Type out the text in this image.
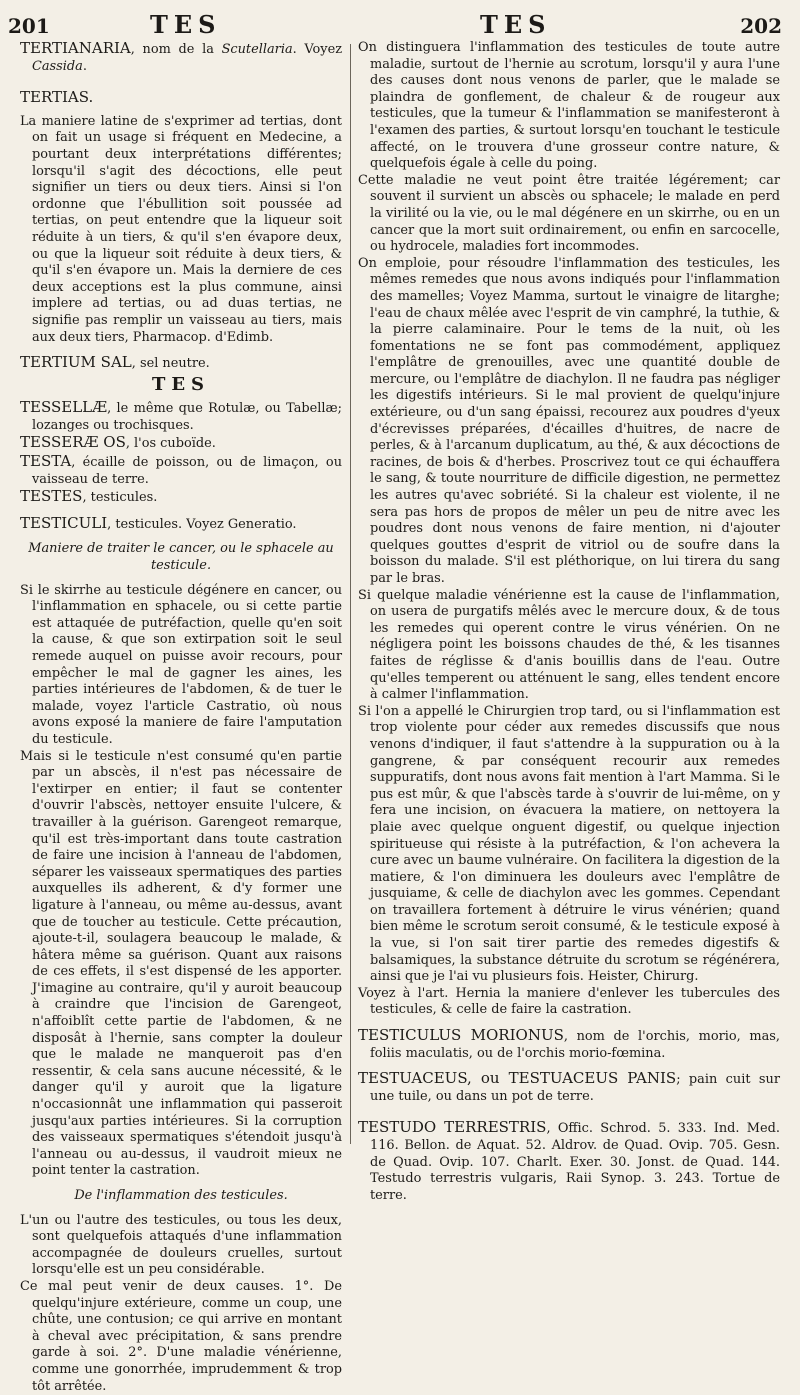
201	TES	TES	202

TERTIANARIA, nom de la Scutellaria. Voyez Cassida.

TERTIAS.

La maniere latine de s'exprimer ad tertias, dont on fait un usage si fréquent en Medecine, a pourtant deux interprétations différentes; lorsqu'il s'agit des décoctions, elle peut signifier un tiers ou deux tiers. Ainsi si l'on ordonne que l'ébullition soit poussée ad tertias, on peut entendre que la liqueur soit réduite à un tiers, & qu'il s'en évapore deux, ou que la liqueur soit réduite à deux tiers, & qu'il s'en évapore un. Mais la derniere de ces deux acceptions est la plus commune, ainsi implere ad tertias, ou ad duas tertias, ne signifie pas remplir un vaisseau au tiers, mais aux deux tiers, Pharmacop. d'Edimb.

TERTIUM SAL, sel neutre.

TES

TESSELLÆ, le même que Rotulæ, ou Tabellæ; lozanges ou trochisques.

TESSERÆ OS, l'os cuboïde.

TESTA, écaille de poisson, ou de limaçon, ou vaisseau de terre.

TESTES, testicules.

TESTICULI, testicules. Voyez Generatio.

Maniere de traiter le cancer, ou le sphacele au testicule.

Si le skirrhe au testicule dégénere en cancer, ou l'inflammation en sphacele, ou si cette partie est attaquée de putréfaction, quelle qu'en soit la cause, & que son extirpation soit le seul remede auquel on puisse avoir recours, pour empêcher le mal de gagner les aines, les parties intérieures de l'abdomen, & de tuer le malade, voyez l'article Castratio, où nous avons exposé la maniere de faire l'amputation du testicule.

Mais si le testicule n'est consumé qu'en partie par un abscès, il n'est pas nécessaire de l'extirper en entier; il faut se contenter d'ouvrir l'abscès, nettoyer ensuite l'ulcere, & travailler à la guérison. Garengeot remarque, qu'il est très-important dans toute castration de faire une incision à l'anneau de l'abdomen, séparer les vaisseaux spermatiques des parties auxquelles ils adherent, & d'y former une ligature à l'anneau, ou même au-dessus, avant que de toucher au testicule. Cette précaution, ajoute-t-il, soulagera beaucoup le malade, & hâtera même sa guérison. Quant aux raisons de ces effets, il s'est dispensé de les apporter. J'imagine au contraire, qu'il y auroit beaucoup à craindre que l'incision de Garengeot, n'affoiblît cette partie de l'abdomen, & ne disposât à l'hernie, sans compter la douleur que le malade ne manqueroit pas d'en ressentir, & cela sans aucune nécessité, & le danger qu'il y auroit que la ligature n'occasionnât une inflammation qui passeroit jusqu'aux parties intérieures. Si la corruption des vaisseaux spermatiques s'étendoit jusqu'à l'anneau ou au-dessus, il vaudroit mieux ne point tenter la castration.

De l'inflammation des testicules.

L'un ou l'autre des testicules, ou tous les deux, sont quelquefois attaqués d'une inflammation accompagnée de douleurs cruelles, surtout lorsqu'elle est un peu considérable.

Ce mal peut venir de deux causes. 1°. De quelqu'injure extérieure, comme un coup, une chûte, une contusion; ce qui arrive en montant à cheval avec précipitation, & sans prendre garde à soi. 2°. D'une maladie vénérienne, comme une gonorrhée, imprudemment & trop tôt arrêtée.

On distinguera l'inflammation des testicules de toute autre maladie, surtout de l'hernie au scrotum, lorsqu'il y aura l'une des causes dont nous venons de parler, que le malade se plaindra de gonflement, de chaleur & de rougeur aux testicules, que la tumeur & l'inflammation se manifesteront à l'examen des parties, & surtout lorsqu'en touchant le testicule affecté, on le trouvera d'une grosseur contre nature, & quelquefois égale à celle du poing.

Cette maladie ne veut point être traitée légérement; car souvent il survient un abscès ou sphacele; le malade en perd la virilité ou la vie, ou le mal dégénere en un skirrhe, ou en un cancer que la mort suit ordinairement, ou enfin en sarcocelle, ou hydrocele, maladies fort incommodes.

On emploie, pour résoudre l'inflammation des testicules, les mêmes remedes que nous avons indiqués pour l'inflammation des mamelles; Voyez Mamma, surtout le vinaigre de litarghe; l'eau de chaux mêlée avec l'esprit de vin camphré, la tuthie, & la pierre calaminaire. Pour le tems de la nuit, où les fomentations ne se font pas commodément, appliquez l'emplâtre de grenouilles, avec une quantité double de mercure, ou l'emplâtre de diachylon. Il ne faudra pas négliger les digestifs intérieurs. Si le mal provient de quelqu'injure extérieure, ou d'un sang épaissi, recourez aux poudres d'yeux d'écrevisses préparées, d'écailles d'huitres, de nacre de perles, & à l'arcanum duplicatum, au thé, & aux décoctions de racines, de bois & d'herbes. Proscrivez tout ce qui échauffera le sang, & toute nourriture de difficile digestion, ne permettez les autres qu'avec sobriété. Si la chaleur est violente, il ne sera pas hors de propos de mêler un peu de nitre avec les poudres dont nous venons de faire mention, ni d'ajouter quelques gouttes d'esprit de vitriol ou de soufre dans la boisson du malade. S'il est pléthorique, on lui tirera du sang par le bras.

Si quelque maladie vénérienne est la cause de l'inflammation, on usera de purgatifs mêlés avec le mercure doux, & de tous les remedes qui operent contre le virus vénérien. On ne négligera point les boissons chaudes de thé, & les tisannes faites de réglisse & d'anis bouillis dans de l'eau. Outre qu'elles temperent ou atténuent le sang, elles tendent encore à calmer l'inflammation.

Si l'on a appellé le Chirurgien trop tard, ou si l'inflammation est trop violente pour céder aux remedes discussifs que nous venons d'indiquer, il faut s'attendre à la suppuration ou à la gangrene, & par conséquent recourir aux remedes suppuratifs, dont nous avons fait mention à l'art Mamma. Si le pus est mûr, & que l'abscès tarde à s'ouvrir de lui-même, on y fera une incision, on évacuera la matiere, on nettoyera la plaie avec quelque onguent digestif, ou quelque injection spiritueuse qui résiste à la putréfaction, & l'on achevera la cure avec un baume vulnéraire. On facilitera la digestion de la matiere, & l'on diminuera les douleurs avec l'emplâtre de jusquiame, & celle de diachylon avec les gommes. Cependant on travaillera fortement à détruire le virus vénérien; quand bien même le scrotum seroit consumé, & le testicule exposé à la vue, si l'on sait tirer partie des remedes digestifs & balsamiques, la substance détruite du scrotum se régénérera, ainsi que je l'ai vu plusieurs fois. Heister, Chirurg.

Voyez à l'art. Hernia la maniere d'enlever les tubercules des testicules, & celle de faire la castration.

TESTICULUS MORIONUS, nom de l'orchis, morio, mas, foliis maculatis, ou de l'orchis morio-fœmina.

TESTUACEUS, ou TESTUACEUS PANIS; pain cuit sur une tuile, ou dans un pot de terre.

TESTUDO TERRESTRIS, Offic. Schrod. 5. 333. Ind. Med. 116. Bellon. de Aquat. 52. Aldrov. de Quad. Ovip. 705. Gesn. de Quad. Ovip. 107. Charlt. Exer. 30. Jonst. de Quad. 144. Testudo terrestris vulgaris, Raii Synop. 3. 243. Tortue de terre.
